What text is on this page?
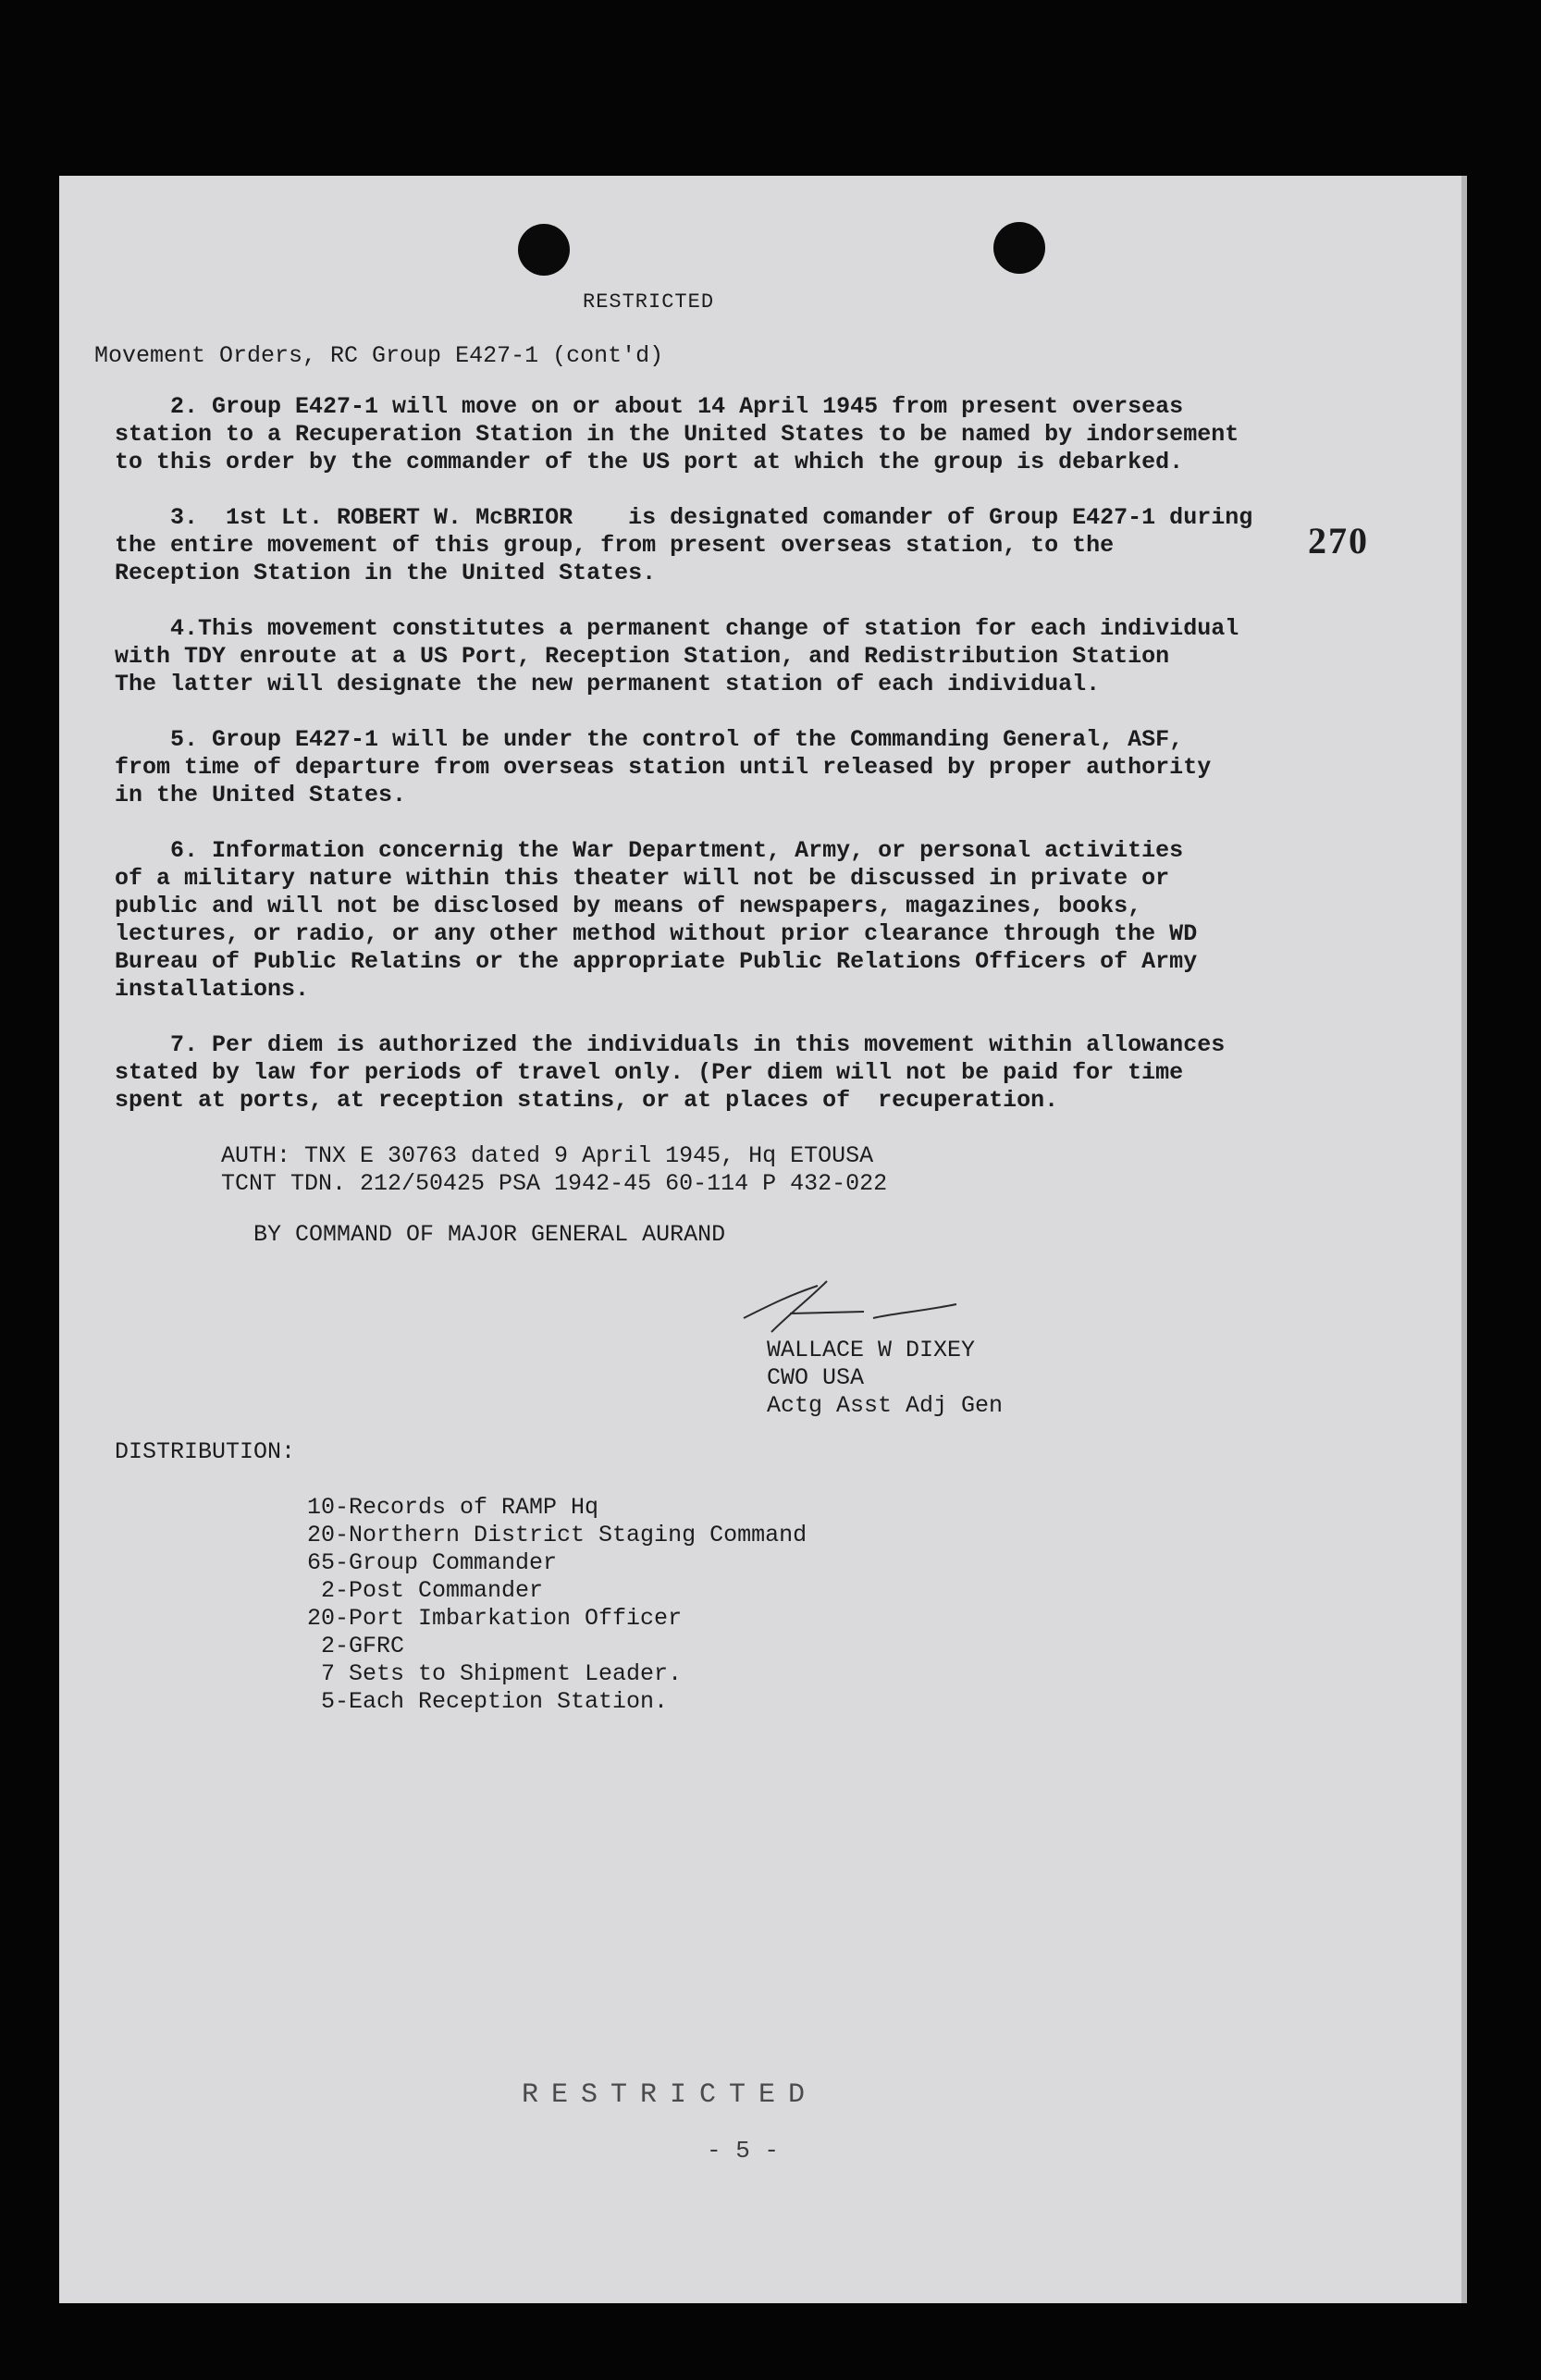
RESTRICTED
Movement Orders, RC Group E427-1 (cont'd)
2. Group E427-1 will move on or about 14 April 1945 from present overseas
station to a Recuperation Station in the United States to be named by indorsement
to this order by the commander of the US port at which the group is debarked.
3.  1st Lt. ROBERT W. McBRIOR    is designated comander of Group E427-1 during
the entire movement of this group, from present overseas station, to the
Reception Station in the United States.
270
4.This movement constitutes a permanent change of station for each individual
with TDY enroute at a US Port, Reception Station, and Redistribution Station
The latter will designate the new permanent station of each individual.
5. Group E427-1 will be under the control of the Commanding General, ASF,
from time of departure from overseas station until released by proper authority
in the United States.
6. Information concernig the War Department, Army, or personal activities
of a military nature within this theater will not be discussed in private or
public and will not be disclosed by means of newspapers, magazines, books,
lectures, or radio, or any other method without prior clearance through the WD
Bureau of Public Relatins or the appropriate Public Relations Officers of Army
installations.
7. Per diem is authorized the individuals in this movement within allowances
stated by law for periods of travel only. (Per diem will not be paid for time
spent at ports, at reception statins, or at places of  recuperation.
AUTH: TNX E 30763 dated 9 April 1945, Hq ETOUSA
TCNT TDN. 212/50425 PSA 1942-45 60-114 P 432-022
BY COMMAND OF MAJOR GENERAL AURAND
WALLACE W DIXEY
CWO USA
Actg Asst Adj Gen
DISTRIBUTION:
10-Records of RAMP Hq
20-Northern District Staging Command
65-Group Commander
2-Post Commander
20-Port Imbarkation Officer
2-GFRC
7 Sets to Shipment Leader.
5-Each Reception Station.
RESTRICTED
- 5 -
